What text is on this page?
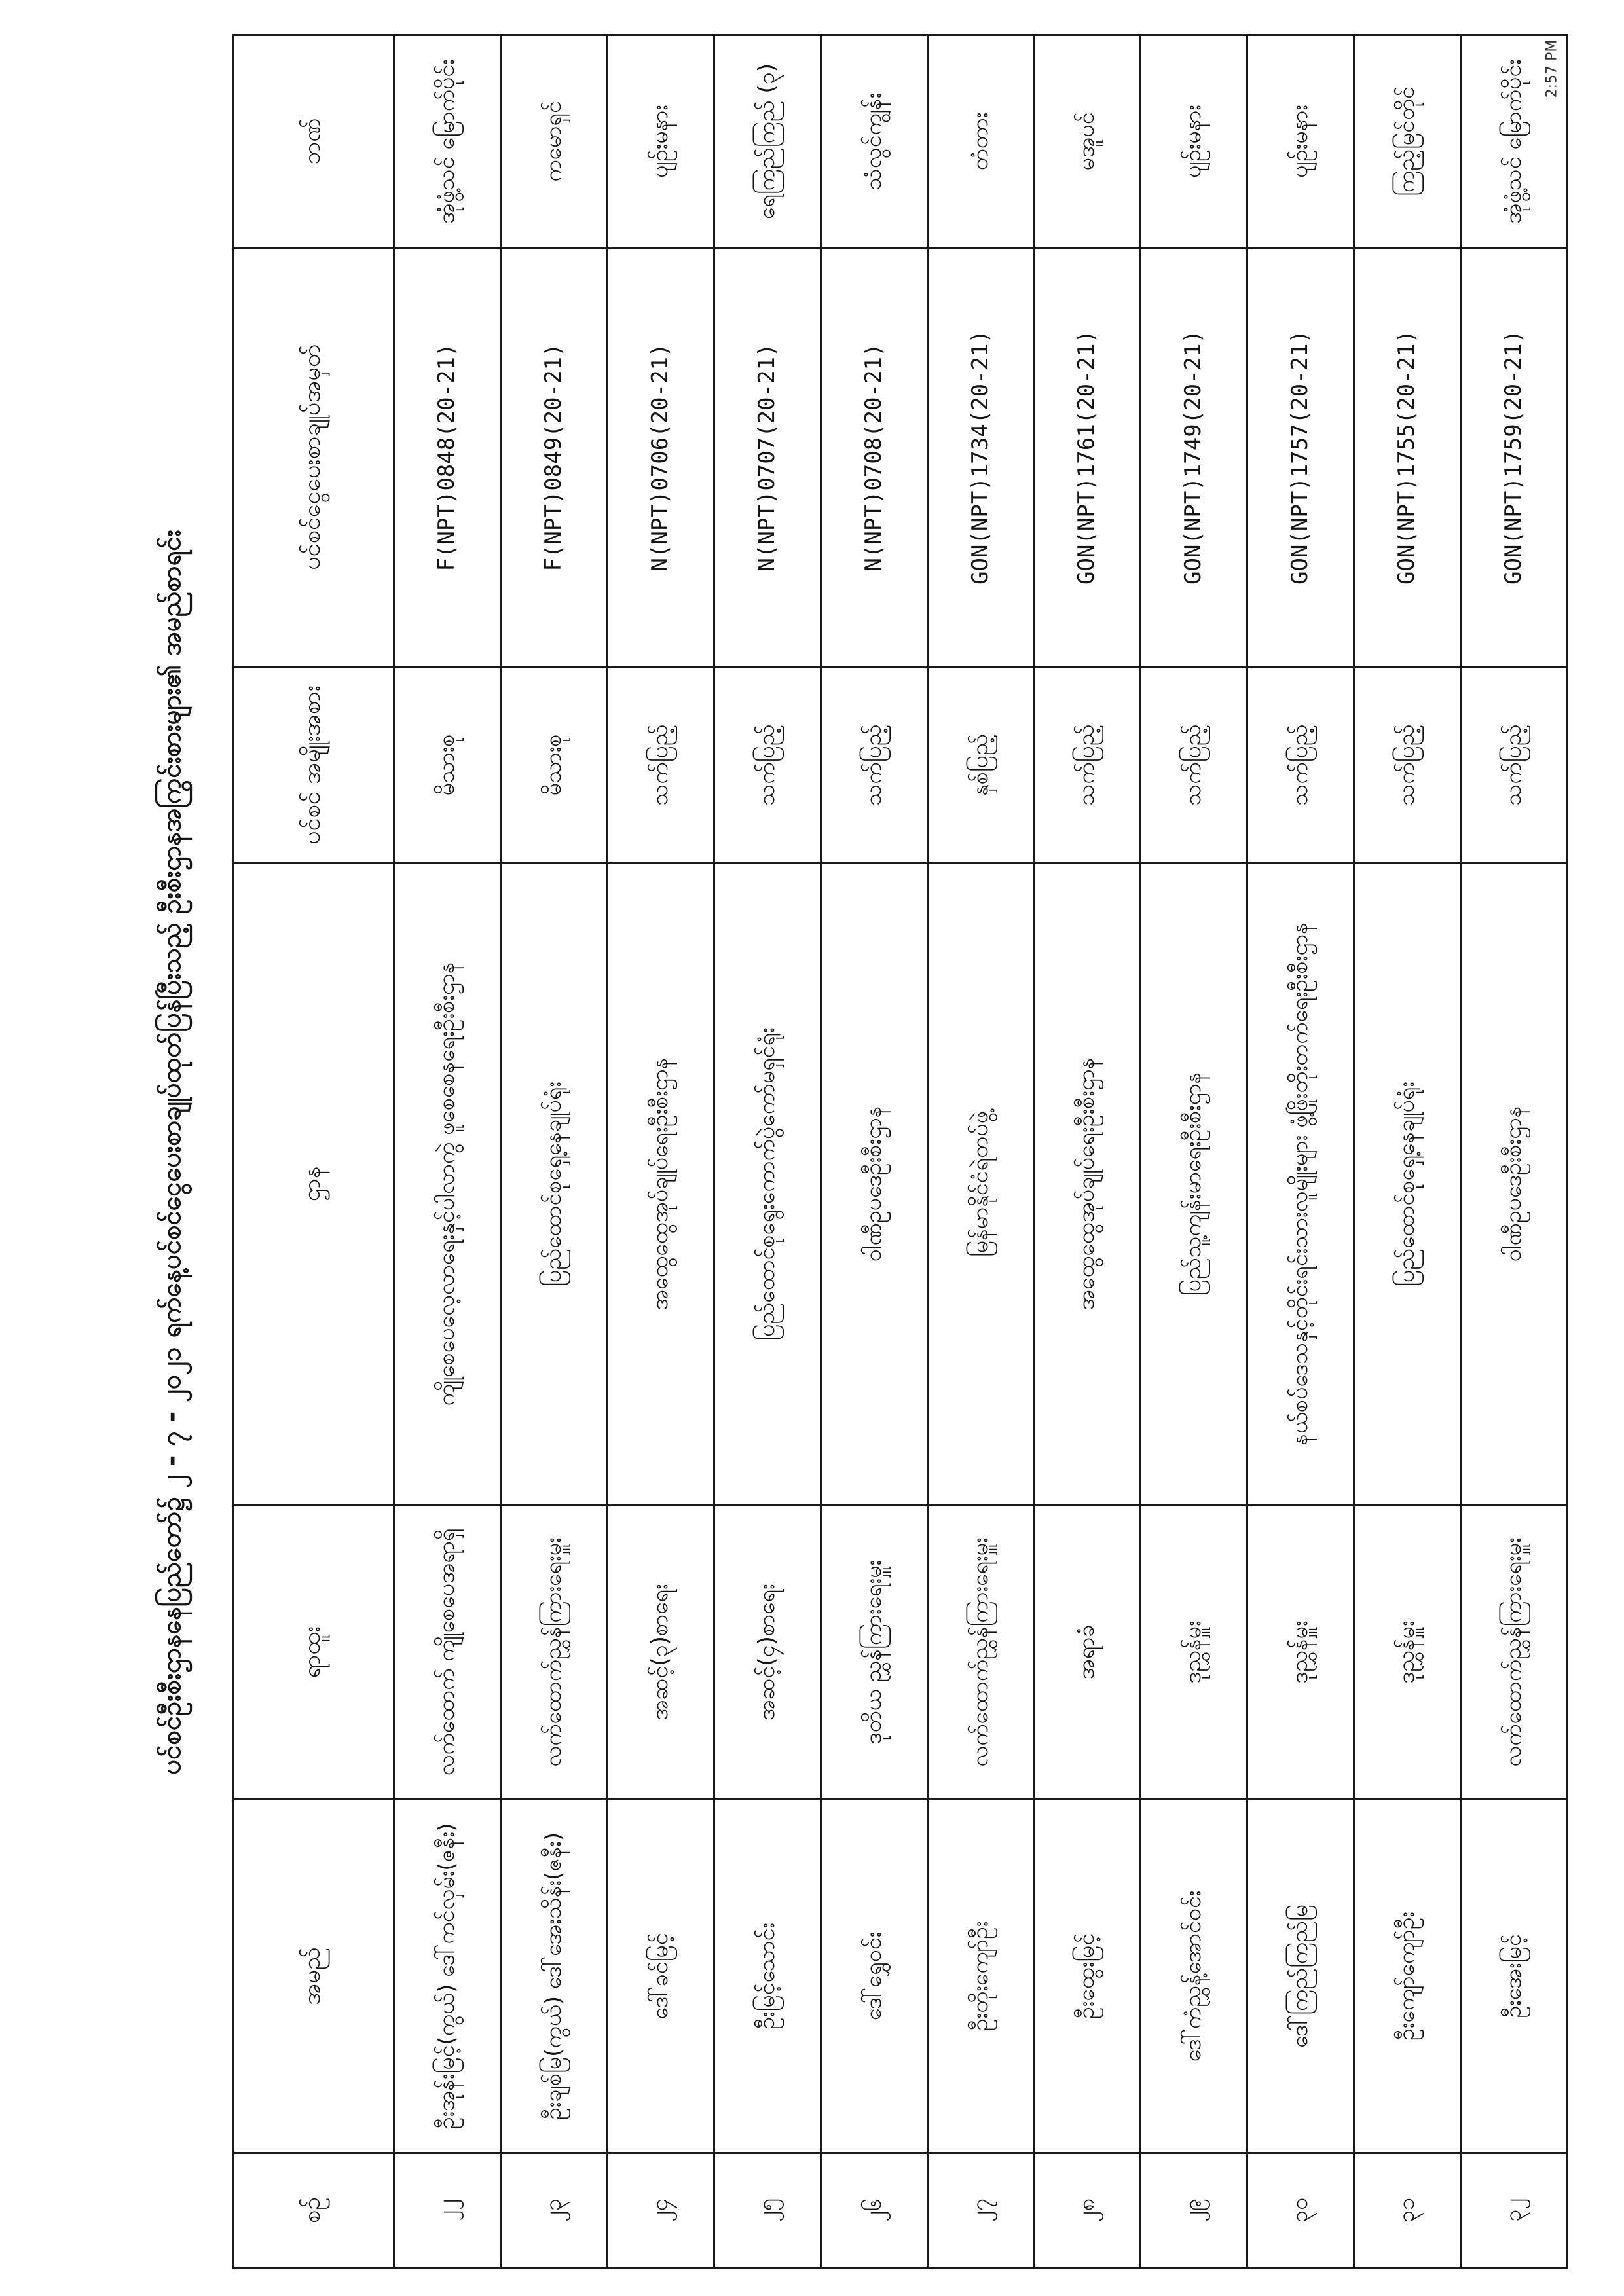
2:57 PM
ပင်စင်ဦးစီးဌာနနေပြည်တော်၌ ၂ - ၇ - ၂၀၂၁ ရက်နေ့ပင်စင်ငွေပေးစာချုပ်ထုတ်ပြန်ပြီးသည့် ဦးစီးဌာနအကြွင်းစားများ၏ အမည်စာရင်း
စဉ်	အမည်	ရာထူး	ဌာန	ပင်စင် အမျိုးအစား	ပင်စင်ငွေပေးစာချုပ်အမှတ်	ဘဏ်
၂၂	ဦးအုန်းမြင့်(ကွယ်) ဒေါ်ကင်လှမ်း(ဇနီး)	လက်ထောက် ကျိုစေပေအရာရှိ	ကျိုစေပေလေ့လာရေးနှင့်ပါလာကွဲ ဖူစေစေနရေးဦးစီးဌာန	မိသားစု	F(NPT)0848(20-21)	အုံဖွံ့သင် မြောက်ပိုင်း
၂၃	ဦးချစ်မြ(ကွယ်) ဒေါ်အေးသိန်း(ဇနီး)	လက်ထောက်ညွှန်ကြားရေးမှူး	ပြည်ထောင်စုရှေ့နေချုပ်ရုံး	မိသားစု	F(NPT)0849(20-21)	ကမောရှင်
၂၄	ဒေါ်ခင်မြင့်	အဆင့်(၃)စာရေး	အထွေထွေအုပ်ချုပ်ရေးဦးစီးဌာန	သက်ပြည့်	N(NPT)0706(20-21)	ပျဉ်းမနား
၂၅	ဦးမြင့်သောင်း	အဆင့်(၄)စာရေး	ပြည်ထောင်စုရွေးကောက်ပွဲကော်မရှင်ရုံး	သက်ပြည့်	N(NPT)0707(20-21)	ရေကြည်ကြည် (၃)
၂၆	ဒေါ်ရွှေဝင်း	ဒုတိယ ညွှန်ကြားရေးမှူး	ဝါဏီဥပဒေဦးစီးဌာန	သက်ပြည့်	N(NPT)0708(20-21)	သံလွင်ကျွန်း
၂၇	ဦးတိုးကျော်ဦး	လက်ထောက်ညွှန်ကြားရေးမှူး	မြန်မာနိုင်ငံရဲတပ်ဖွဲ့	နှစ်ပြည့်	GON(NPT)1734(20-21)	တံတား
၂၈	ဦးထွေးမြင့်	အရာခံ	အထွေထွေအုပ်ချုပ်ရေးဦးစီးဌာန	သက်ပြည့်	GON(NPT)1761(20-21)	မအူပင်
၂၉	ဒေါ်ကံညွှန့်အောင်ဝင်း	ဒုညွှန်မှူး	ပြည်သူ့ကျန်းမာရေးဦးစီးဌာန	သက်ပြည့်	GON(NPT)1749(20-21)	ပျဉ်းမနား
၃၀	ဒေါ်ကြည်ကြည်မြ	ဒုညွှန်မှူး	နယ်စပ်ဒေသနှင့်တိုင်းရင်းသားလူမျိုးများ ဖွံ့ဖြိုးတိုးတက်ရေးဦးစီးဌာန	သက်ပြည့်	GON(NPT)1757(20-21)	ပျဉ်းမနား
၃၁	ဦးကျော်ကျော်ဦး	ဒုညွှန်မှူး	ပြည်ထောင်စုရှေ့နေချုပ်ရုံး	သက်ပြည့်	GON(NPT)1755(20-21)	ကြည့်မြင်တိုင်
၃၂	ဦးအေးမြင့်	လက်ထောက်ညွှန်ကြားရေးမှူး	ဝါဏီဥပဒေဦးစီးဌာန	သက်ပြည့်	GON(NPT)1759(20-21)	အုံဖွံ့သင် မြောက်ပိုင်း
